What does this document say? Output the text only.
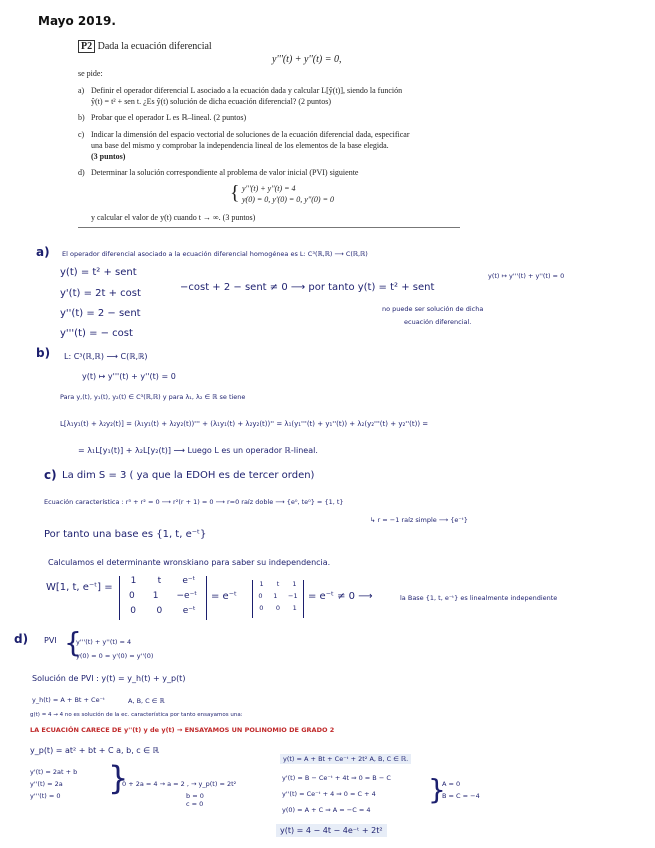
Mayo 2019.
P2 Dada la ecuación diferencial
y'''(t) + y''(t) = 0,
se pide:
a) Definir el operador diferencial L asociado a la ecuación dada y calcular L[ŷ(t)], siendo la función
ŷ(t) = t² + sen t. ¿Es ŷ(t) solución de dicha ecuación diferencial? (2 puntos)
b) Probar que el operador L es ℝ–lineal. (2 puntos)
c) Indicar la dimensión del espacio vectorial de soluciones de la ecuación diferencial dada, especificar
una base del mismo y comprobar la independencia lineal de los elementos de la base elegida.
(3 puntos)
d) Determinar la solución correspondiente al problema de valor inicial (PVI) siguiente
{ y'''(t) + y''(t) = 4
y(0) = 0, y'(0) = 0, y''(0) = 0
y calcular el valor de y(t) cuando t → ∞. (3 puntos)
a) El operador diferencial asociado a la ecuación diferencial homogénea es L: C³(ℝ,ℝ) ⟶ C(ℝ,ℝ)
y(t) ↦ y'''(t) + y''(t) = 0
y(t) = t² + sent
y'(t) = 2t + cost
y''(t) = 2 − sent
y'''(t) = − cost
−cost + 2 − sent ≠ 0 ⟶ por tanto y(t) = t² + sent
no puede ser solución de dicha
ecuación diferencial.
b) L: C³(ℝ,ℝ) ⟶ C(ℝ,ℝ)
y(t) ↦ y'''(t) + y''(t) = 0
Para y,(t), y₁(t), y₂(t) ∈ C³(ℝ,ℝ) y para λ₁, λ₂ ∈ ℝ se tiene
L[λ₁y₁(t) + λ₂y₂(t)] = (λ₁y₁(t) + λ₂y₂(t))''' + (λ₁y₁(t) + λ₂y₂(t))'' = λ₁(y₁'''(t) + y₁''(t)) + λ₂(y₂'''(t) + y₂''(t)) =
= λ₁L[y₁(t)] + λ₂L[y₂(t)] ⟶ Luego L es un operador ℝ-lineal.
c) La dim S = 3 ( ya que la EDOH es de tercer orden)
Ecuación característica : r³ + r² = 0 ⟶ r²(r + 1) = 0 ⟶ r=0 raíz doble ⟶ {e⁰, te⁰} = {1, t}
↳ r = −1 raíz simple ⟶ {e⁻ᵗ}
Por tanto una base es {1, t, e⁻ᵗ}
Calculamos el determinante wronskiano para saber su independencia.
W[1, t, e⁻ᵗ] =
1 t e⁻ᵗ
0 1 −e⁻ᵗ
0 0 e⁻ᵗ
= e⁻ᵗ
1 t 1
0 1 −1
0 0 1
= e⁻ᵗ ≠ 0 ⟶	la Base {1, t, e⁻ᵗ} es linealmente independiente
d) PVI {
y'''(t) + y''(t) = 4
y(0) = 0 = y'(0) = y''(0)
Solución de PVI : y(t) = y_h(t) + y_p(t)
y_h(t) = A + Bt + Ce⁻ᵗ	A, B, C ∈ ℝ
g(t) = 4 → 4 no es solución de la ec. característica por tanto ensayamos una:
LA ECUACIÓN CARECE DE y''(t) y de y(t) → ENSAYAMOS UN POLINOMIO DE GRADO 2
y_p(t) = at² + bt + C a, b, c ∈ ℝ
y'(t) = 2at + b
y''(t) = 2a
y'''(t) = 0 }
0 + 2a = 4 → a = 2 , → y_p(t) = 2t²
b = 0
c = 0
y(t) = A + Bt + Ce⁻ᵗ + 2t² A, B, C ∈ ℝ.
y'(t) = B − Ce⁻ᵗ + 4t ⇒ 0 = B − C
y''(t) = Ce⁻ᵗ + 4 ⇒ 0 = C + 4
y(0) = A + C ⇒ A = −C = 4
}
A = 0
B = C = −4
y(t) = 4 − 4t − 4e⁻ᵗ + 2t²
